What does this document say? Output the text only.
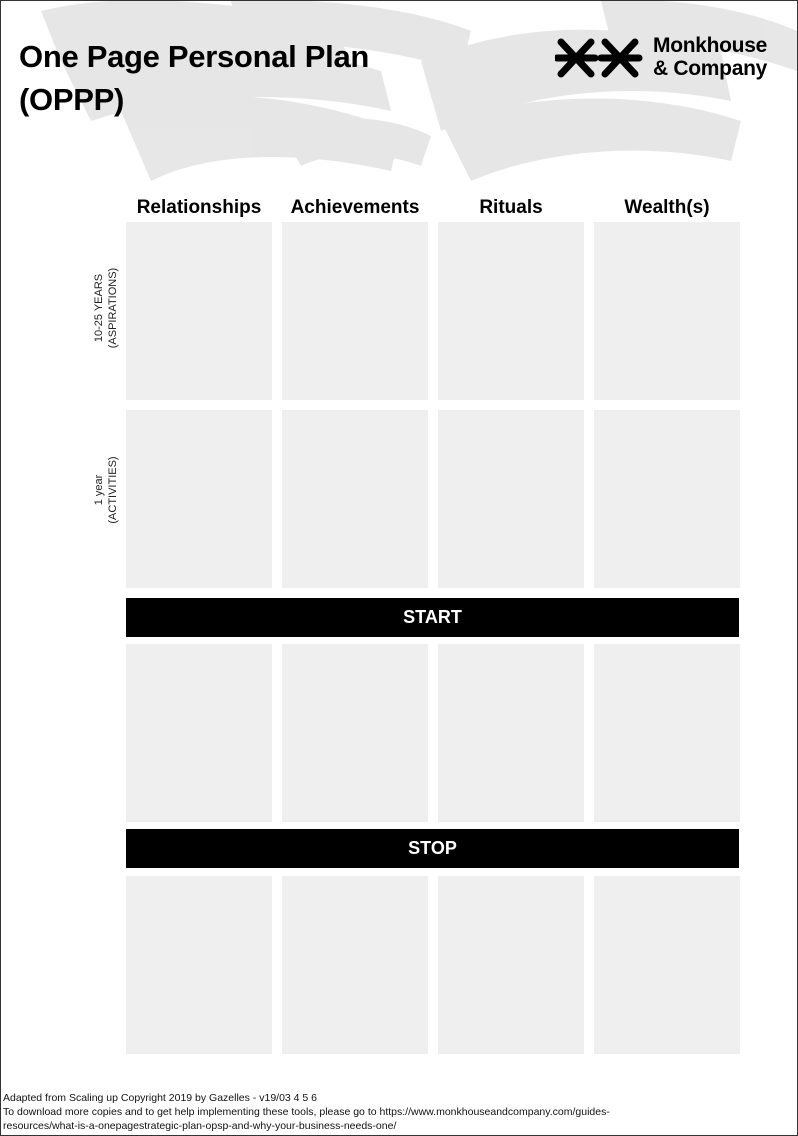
One Page Personal Plan
(OPPP)
Monkhouse
& Company
Relationships	Achievements	Rituals	Wealth(s)
10-25 YEARS (ASPIRATIONS)
1 year (ACTIVITIES)
START
STOP
Adapted from Scaling up Copyright 2019 by Gazelles - v19/03 4 5 6
To download more copies and to get help implementing these tools, please go to https://www.monkhouseandcompany.com/guides-
resources/what-is-a-onepagestrategic-plan-opsp-and-why-your-business-needs-one/
